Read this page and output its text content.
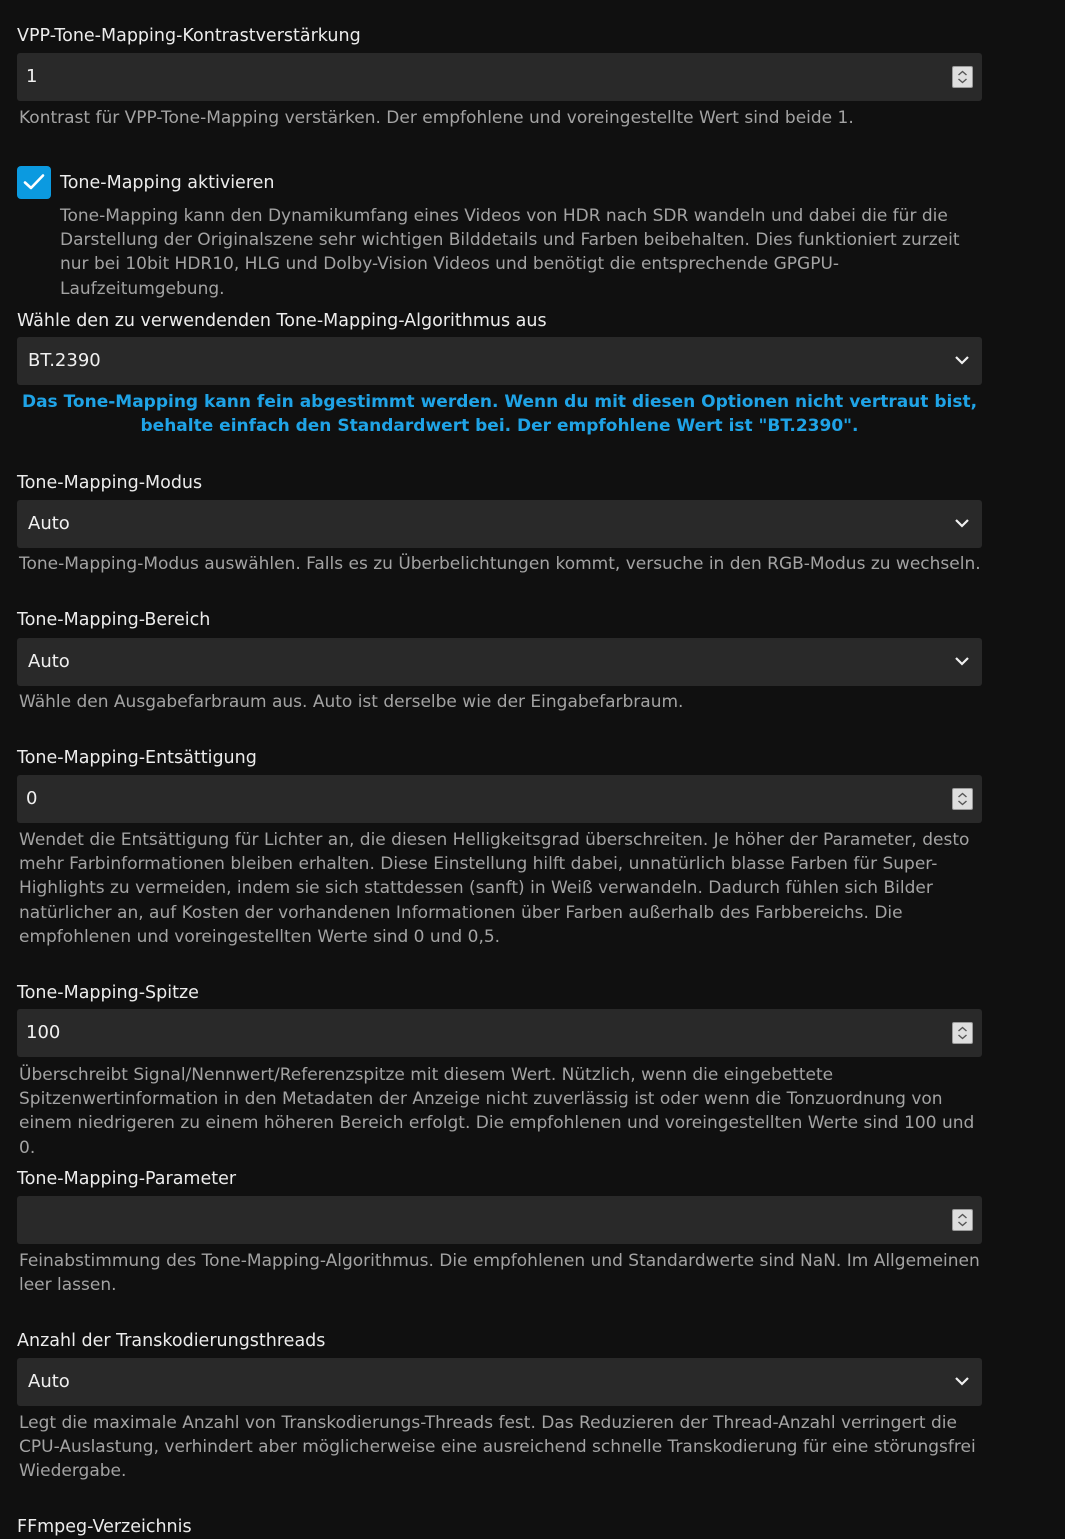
VPP-Tone-Mapping-Kontrastverstärkung
1
Kontrast für VPP-Tone-Mapping verstärken. Der empfohlene und voreingestellte Wert sind beide 1.
Tone-Mapping aktivieren
Tone-Mapping kann den Dynamikumfang eines Videos von HDR nach SDR wandeln und dabei die für die Darstellung der Originalszene sehr wichtigen Bilddetails und Farben beibehalten. Dies funktioniert zurzeit nur bei 10bit HDR10, HLG und Dolby-Vision Videos und benötigt die entsprechende GPGPU-Laufzeitumgebung.
Wähle den zu verwendenden Tone-Mapping-Algorithmus aus
BT.2390
Das Tone-Mapping kann fein abgestimmt werden. Wenn du mit diesen Optionen nicht vertraut bist, behalte einfach den Standardwert bei. Der empfohlene Wert ist "BT.2390".
Tone-Mapping-Modus
Auto
Tone-Mapping-Modus auswählen. Falls es zu Überbelichtungen kommt, versuche in den RGB-Modus zu wechseln.
Tone-Mapping-Bereich
Auto
Wähle den Ausgabefarbraum aus. Auto ist derselbe wie der Eingabefarbraum.
Tone-Mapping-Entsättigung
0
Wendet die Entsättigung für Lichter an, die diesen Helligkeitsgrad überschreiten. Je höher der Parameter, desto mehr Farbinformationen bleiben erhalten. Diese Einstellung hilft dabei, unnatürlich blasse Farben für Super-Highlights zu vermeiden, indem sie sich stattdessen (sanft) in Weiß verwandeln. Dadurch fühlen sich Bilder natürlicher an, auf Kosten der vorhandenen Informationen über Farben außerhalb des Farbbereichs. Die empfohlenen und voreingestellten Werte sind 0 und 0,5.
Tone-Mapping-Spitze
100
Überschreibt Signal/Nennwert/Referenzspitze mit diesem Wert. Nützlich, wenn die eingebettete Spitzenwertinformation in den Metadaten der Anzeige nicht zuverlässig ist oder wenn die Tonzuordnung von einem niedrigeren zu einem höheren Bereich erfolgt. Die empfohlenen und voreingestellten Werte sind 100 und 0.
Tone-Mapping-Parameter
Feinabstimmung des Tone-Mapping-Algorithmus. Die empfohlenen und Standardwerte sind NaN. Im Allgemeinen leer lassen.
Anzahl der Transkodierungsthreads
Auto
Legt die maximale Anzahl von Transkodierungs-Threads fest. Das Reduzieren der Thread-Anzahl verringert die CPU-Auslastung, verhindert aber möglicherweise eine ausreichend schnelle Transkodierung für eine störungsfrei Wiedergabe.
FFmpeg-Verzeichnis
